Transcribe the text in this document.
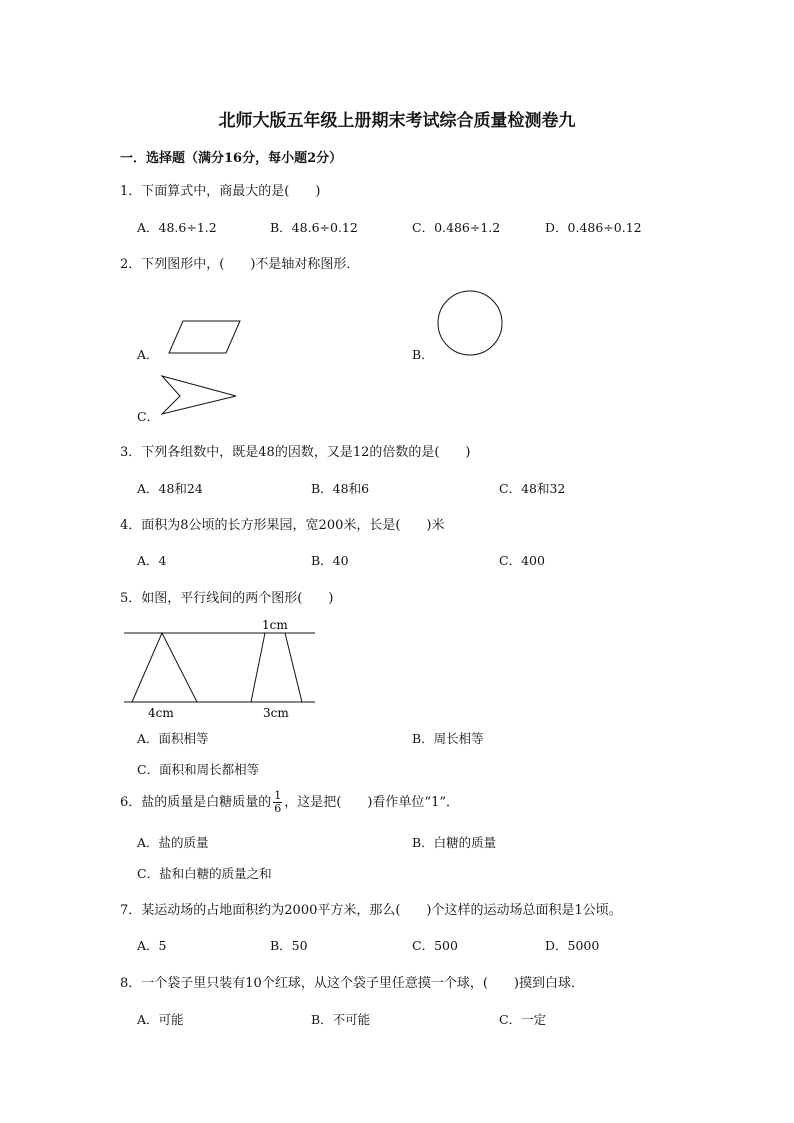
北师大版五年级上册期末考试综合质量检测卷九
一．选择题（满分16分，每小题2分）
1．下面算式中，商最大的是(　　)
A．48.6÷1.2	B．48.6÷0.12	C．0.486÷1.2	D．0.486÷0.12
2．下列图形中，(　　)不是轴对称图形．
A．	B．
C．
3．下列各组数中，既是48的因数，又是12的倍数的是(　　)
A．48和24	B．48和6	C．48和32
4．面积为8公顷的长方形果园，宽200米，长是(　　)米
A．4	B．40	C．400
5．如图，平行线间的两个图形(　　)
1cm
4cm	3cm
A．面积相等	B．周长相等
C．面积和周长都相等
6．盐的质量是白糖质量的 $\frac{1}{6}$ ，这是把(　　)看作单位“1”．
A．盐的质量	B．白糖的质量
C．盐和白糖的质量之和
7．某运动场的占地面积约为2000平方米，那么(　　)个这样的运动场总面积是1公顷。
A．5	B．50	C．500	D．5000
8．一个袋子里只装有10个红球，从这个袋子里任意摸一个球，(　　)摸到白球．
A．可能	B．不可能	C．一定
